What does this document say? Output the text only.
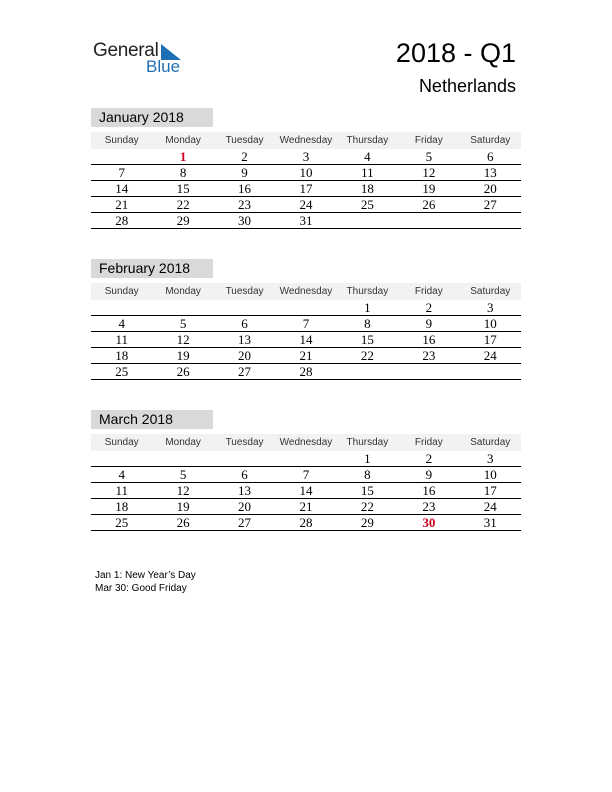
General
Blue	2018 - Q1
Netherlands
January 2018
Sunday	Monday	Tuesday	Wednesday	Thursday	Friday	Saturday
	1	2	3	4	5	6
7	8	9	10	11	12	13
14	15	16	17	18	19	20
21	22	23	24	25	26	27
28	29	30	31			
February 2018
Sunday	Monday	Tuesday	Wednesday	Thursday	Friday	Saturday
				1	2	3
4	5	6	7	8	9	10
11	12	13	14	15	16	17
18	19	20	21	22	23	24
25	26	27	28			
March 2018
Sunday	Monday	Tuesday	Wednesday	Thursday	Friday	Saturday
				1	2	3
4	5	6	7	8	9	10
11	12	13	14	15	16	17
18	19	20	21	22	23	24
25	26	27	28	29	30	31
Jan 1: New Year’s Day
Mar 30: Good Friday
